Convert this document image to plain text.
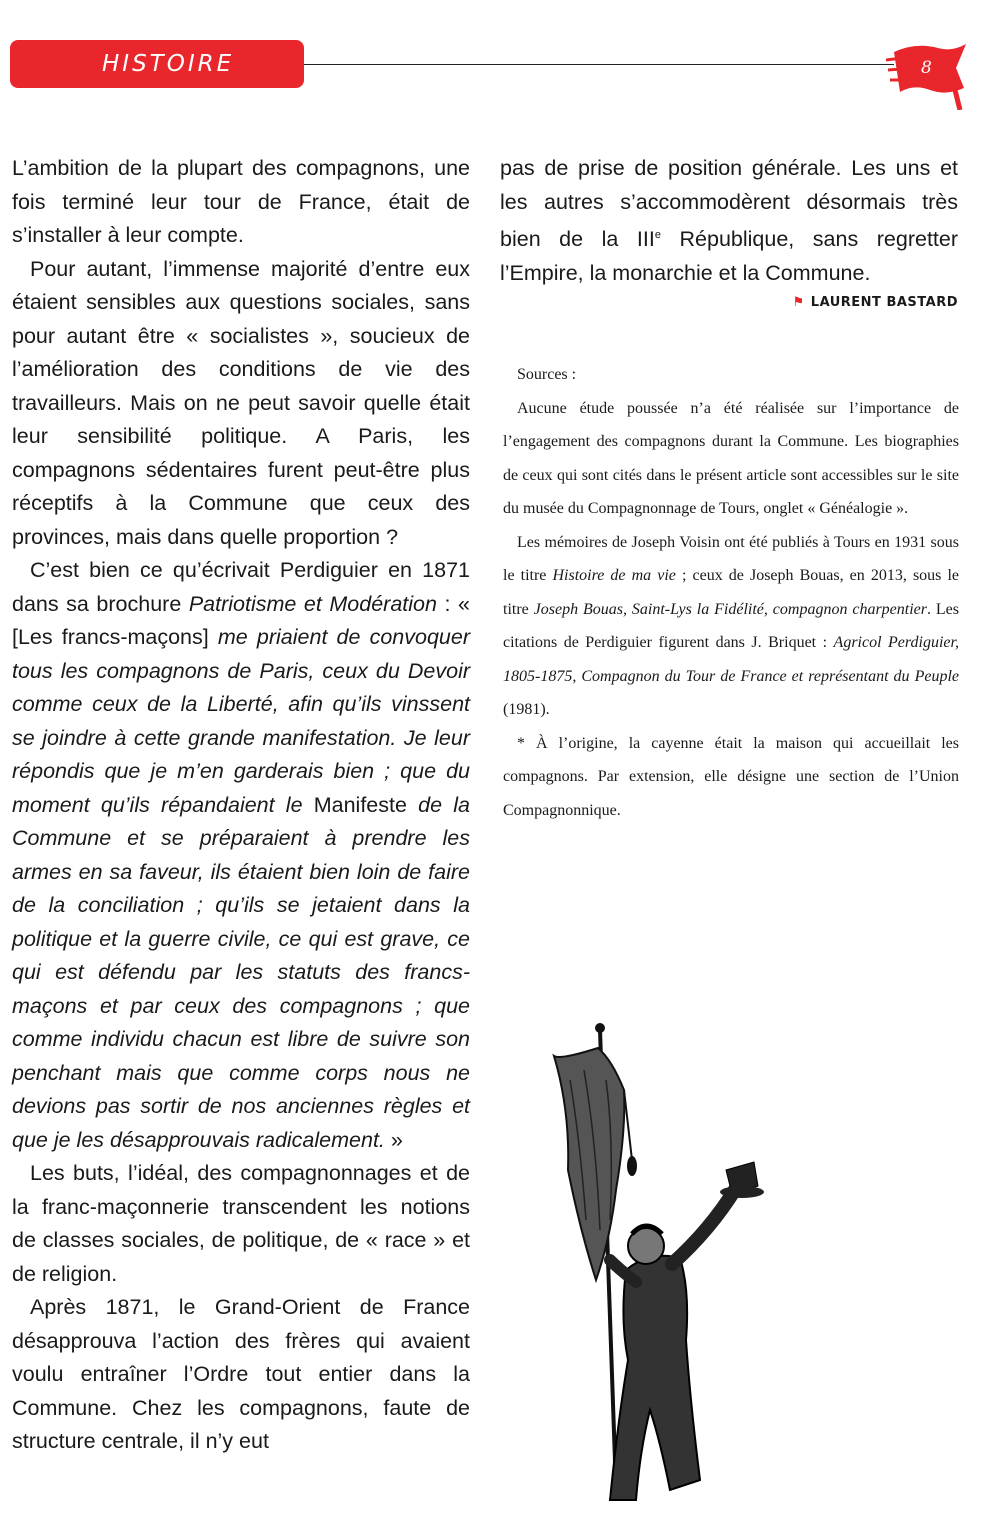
HISTOIRE	8

L’ambition de la plupart des compagnons, une fois terminé leur tour de France, était de s’installer à leur compte.

Pour autant, l’immense majorité d’entre eux étaient sensibles aux questions sociales, sans pour autant être « socialistes », soucieux de l’amélioration des conditions de vie des travailleurs. Mais on ne peut savoir quelle était leur sensibilité politique. A Paris, les compagnons sédentaires furent peut-être plus réceptifs à la Commune que ceux des provinces, mais dans quelle proportion ?

C’est bien ce qu’écrivait Perdiguier en 1871 dans sa brochure Patriotisme et Modération : « [Les francs-maçons] me priaient de convoquer tous les compagnons de Paris, ceux du Devoir comme ceux de la Liberté, afin qu’ils vinssent se joindre à cette grande manifestation. Je leur répondis que je m’en garderais bien ; que du moment qu’ils répandaient le Manifeste de la Commune et se préparaient à prendre les armes en sa faveur, ils étaient bien loin de faire de la conciliation ; qu’ils se jetaient dans la politique et la guerre civile, ce qui est grave, ce qui est défendu par les statuts des francs-maçons et par ceux des compagnons ; que comme individu chacun est libre de suivre son penchant mais que comme corps nous ne devions pas sortir de nos anciennes règles et que je les désapprouvais radicalement. »

Les buts, l’idéal, des compagnonnages et de la franc-maçonnerie transcendent les notions de classes sociales, de politique, de « race » et de religion.

Après 1871, le Grand-Orient de France désapprouva l’action des frères qui avaient voulu entraîner l’Ordre tout entier dans la Commune. Chez les compagnons, faute de structure centrale, il n’y eut

pas de prise de position générale. Les uns et les autres s’accommodèrent désormais très bien de la IIIe République, sans regretter l’Empire, la monarchie et la Commune.

⚑ LAURENT BASTARD

Sources :

Aucune étude poussée n’a été réalisée sur l’importance de l’engagement des compagnons durant la Commune. Les biographies de ceux qui sont cités dans le présent article sont accessibles sur le site du musée du Compagnonnage de Tours, onglet « Généalogie ».

Les mémoires de Joseph Voisin ont été publiés à Tours en 1931 sous le titre Histoire de ma vie ; ceux de Joseph Bouas, en 2013, sous le titre Joseph Bouas, Saint-Lys la Fidélité, compagnon charpentier. Les citations de Perdiguier figurent dans J. Briquet : Agricol Perdiguier, 1805-1875, Compagnon du Tour de France et représentant du Peuple (1981).

* À l’origine, la cayenne était la maison qui accueillait les compagnons. Par extension, elle désigne une section de l’Union Compagnonnique.
